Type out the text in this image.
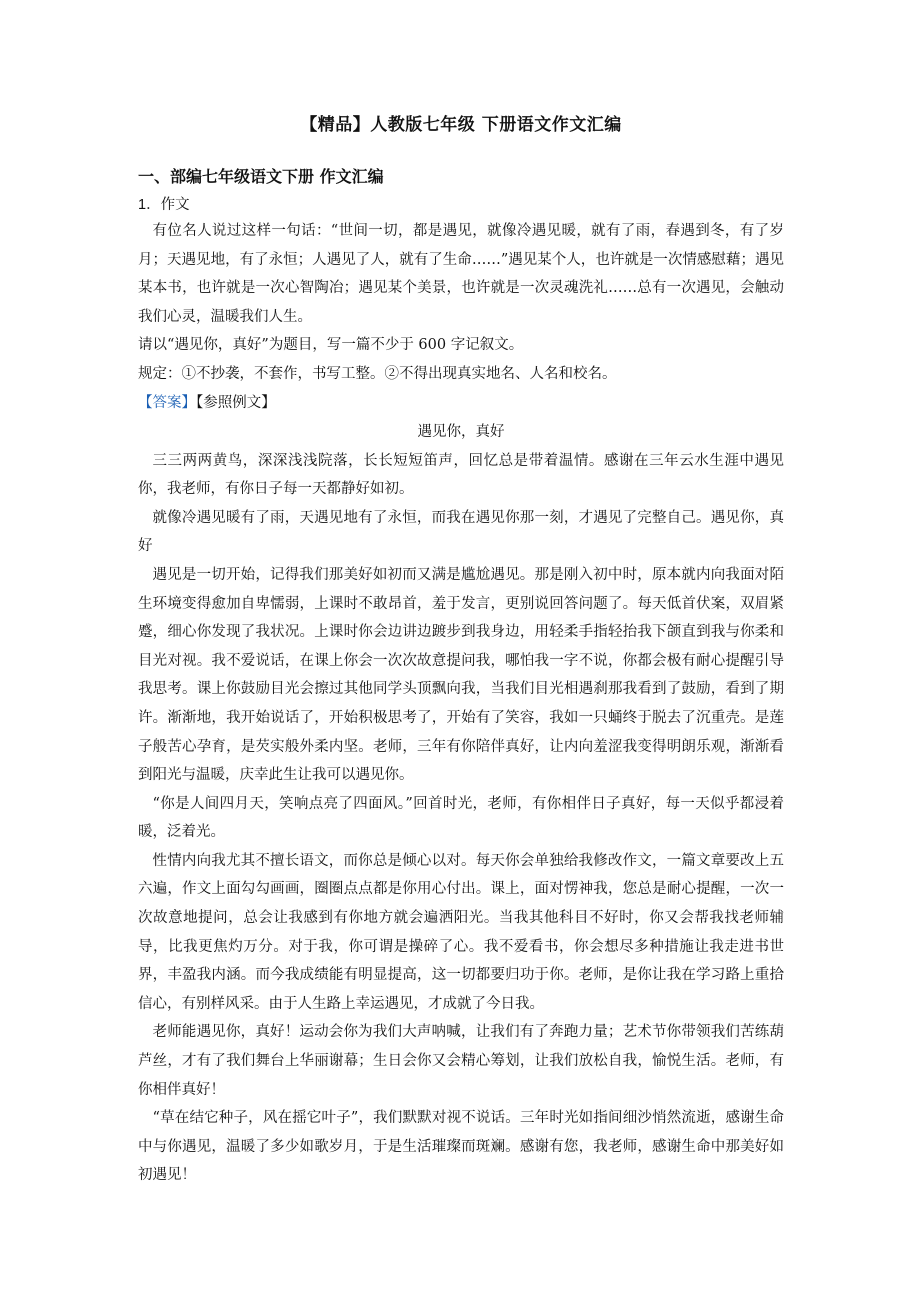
【精品】人教版七年级 下册语文作文汇编
一、部编七年级语文下册 作文汇编
1．作文

有位名人说过这样一句话：“世间一切，都是遇见，就像冷遇见暖，就有了雨，春遇到冬，有了岁月；天遇见地，有了永恒；人遇见了人，就有了生命……”遇见某个人，也许就是一次情感慰藉；遇见某本书，也许就是一次心智陶冶；遇见某个美景，也许就是一次灵魂洗礼……总有一次遇见，会触动我们心灵，温暖我们人生。

请以“遇见你，真好”为题目，写一篇不少于 600 字记叙文。

规定：①不抄袭，不套作，书写工整。②不得出现真实地名、人名和校名。

【答案】【参照例文】

遇见你，真好

三三两两黄鸟，深深浅浅院落，长长短短笛声，回忆总是带着温情。感谢在三年云水生涯中遇见你，我老师，有你日子每一天都静好如初。

就像冷遇见暖有了雨，天遇见地有了永恒，而我在遇见你那一刻，才遇见了完整自己。遇见你，真好

遇见是一切开始，记得我们那美好如初而又满是尴尬遇见。那是刚入初中时，原本就内向我面对陌生环境变得愈加自卑懦弱，上课时不敢昂首，羞于发言，更别说回答问题了。每天低首伏案，双眉紧蹙，细心你发现了我状况。上课时你会边讲边踱步到我身边，用轻柔手指轻抬我下颌直到我与你柔和目光对视。我不爱说话，在课上你会一次次故意提问我，哪怕我一字不说，你都会极有耐心提醒引导我思考。课上你鼓励目光会擦过其他同学头顶飘向我，当我们目光相遇刹那我看到了鼓励，看到了期许。渐渐地，我开始说话了，开始积极思考了，开始有了笑容，我如一只蛹终于脱去了沉重壳。是莲子般苦心孕育，是芡实般外柔内坚。老师，三年有你陪伴真好，让内向羞涩我变得明朗乐观，渐渐看到阳光与温暖，庆幸此生让我可以遇见你。

“你是人间四月天，笑响点亮了四面风。”回首时光，老师，有你相伴日子真好，每一天似乎都浸着暖，泛着光。

性情内向我尤其不擅长语文，而你总是倾心以对。每天你会单独给我修改作文，一篇文章要改上五六遍，作文上面勾勾画画，圈圈点点都是你用心付出。课上，面对愣神我，您总是耐心提醒，一次一次故意地提问，总会让我感到有你地方就会遍洒阳光。当我其他科目不好时，你又会帮我找老师辅导，比我更焦灼万分。对于我，你可谓是操碎了心。我不爱看书，你会想尽多种措施让我走进书世界，丰盈我内涵。而今我成绩能有明显提高，这一切都要归功于你。老师，是你让我在学习路上重拾信心，有别样风采。由于人生路上幸运遇见，才成就了今日我。

老师能遇见你，真好！运动会你为我们大声呐喊，让我们有了奔跑力量；艺术节你带领我们苦练葫芦丝，才有了我们舞台上华丽谢幕；生日会你又会精心筹划，让我们放松自我，愉悦生活。老师，有你相伴真好！

“草在结它种子，风在摇它叶子”，我们默默对视不说话。三年时光如指间细沙悄然流逝，感谢生命中与你遇见，温暖了多少如歌岁月，于是生活璀璨而斑斓。感谢有您，我老师，感谢生命中那美好如初遇见！
